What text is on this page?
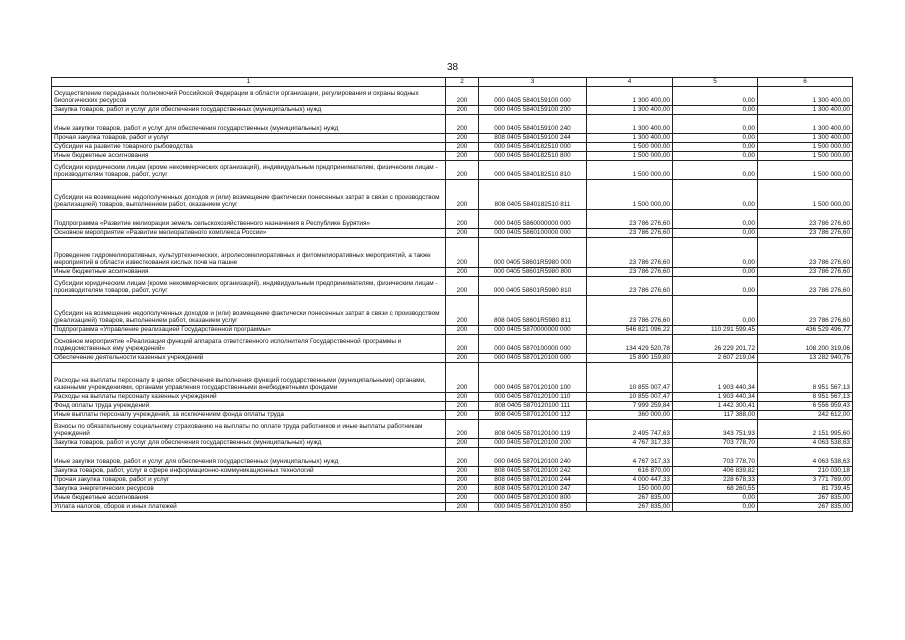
38
1	2	3	4	5	6
Осуществление переданных полномочий Российской Федерации в области организации, регулирования и охраны водных биологических ресурсов	200	000 0405 5840159100 000	1 300 400,00	0,00	1 300 400,00
Закупка товаров, работ и услуг для обеспечения государственных (муниципальных) нужд	200	000 0405 5840159100 200	1 300 400,00	0,00	1 300 400,00
Иные закупки товаров, работ и услуг для обеспечения государственных (муниципальных) нужд	200	000 0405 5840159100 240	1 300 400,00	0,00	1 300 400,00
Прочая закупка товаров, работ и услуг	200	808 0405 5840159100 244	1 300 400,00	0,00	1 300 400,00
Субсидии на развитие товарного рыбоводства	200	000 0405 5840182510 000	1 500 000,00	0,00	1 500 000,00
Иные бюджетные ассигнования	200	000 0405 5840182510 800	1 500 000,00	0,00	1 500 000,00
Субсидии юридическим лицам (кроме некоммерческих организаций), индивидуальным предпринимателям, физическим лицам - производителям товаров, работ, услуг	200	000 0405 5840182510 810	1 500 000,00	0,00	1 500 000,00
Субсидии на возмещение недополученных доходов и (или) возмещение фактически понесенных затрат в связи с производством (реализацией) товаров, выполнением работ, оказанием услуг	200	808 0405 5840182510 811	1 500 000,00	0,00	1 500 000,00
Подпрограмма «Развитие мелиорации земель сельскохозяйственного назначения в Республике Бурятия»	200	000 0405 5860000000 000	23 786 276,60	0,00	23 786 276,60
Основное мероприятие «Развитие мелиоративного комплекса России»	200	000 0405 5860100000 000	23 786 276,60	0,00	23 786 276,60
Проведение гидромелиоративных, культуртехнических, агролесомелиоративных и фитомелиоративных мероприятий, а также мероприятий в области известкования кислых почв на пашне	200	000 0405 58601R5980 000	23 786 276,60	0,00	23 786 276,60
Иные бюджетные ассигнования	200	000 0405 58601R5980 800	23 786 276,60	0,00	23 786 276,60
Субсидии юридическим лицам (кроме некоммерческих организаций), индивидуальным предпринимателям, физическим лицам - производителям товаров, работ, услуг	200	000 0405 58601R5980 810	23 786 276,60	0,00	23 786 276,60
Субсидии на возмещение недополученных доходов и (или) возмещение фактически понесенных затрат в связи с производством (реализацией) товаров, выполнением работ, оказанием услуг	200	808 0405 58601R5980 811	23 786 276,60	0,00	23 786 276,60
Подпрограмма «Управление реализацией Государственной программы»	200	000 0405 5870000000 000	546 821 096,22	110 291 599,45	436 529 496,77
Основное мероприятие «Реализация функций аппарата ответственного исполнителя Государственной программы и подведомственных ему учреждений»	200	000 0405 5870100000 000	134 429 520,78	26 229 201,72	108 200 319,06
Обеспечение деятельности казенных учреждений	200	000 0405 5870120100 000	15 890 159,80	2 607 219,04	13 282 940,76
Расходы на выплаты персоналу в целях обеспечения выполнения функций государственными (муниципальными) органами, казенными учреждениями, органами управления государственными внебюджетными фондами	200	000 0405 5870120100 100	10 855 007,47	1 903 440,34	8 951 567,13
Расходы на выплаты персоналу казенных учреждений	200	000 0405 5870120100 110	10 855 007,47	1 903 440,34	8 951 567,13
Фонд оплаты труда учреждений	200	808 0405 5870120100 111	7 999 259,84	1 442 300,41	6 556 959,43
Иные выплаты персоналу учреждений, за исключением фонда оплаты труда	200	808 0405 5870120100 112	360 000,00	117 388,00	242 612,00
Взносы по обязательному социальному страхованию на выплаты по оплате труда работников и иные выплаты работникам учреждений	200	808 0405 5870120100 119	2 495 747,63	343 751,93	2 151 995,60
Закупка товаров, работ и услуг для обеспечения государственных (муниципальных) нужд	200	000 0405 5870120100 200	4 767 317,33	703 778,70	4 063 538,63
Иные закупки товаров, работ и услуг для обеспечения государственных (муниципальных) нужд	200	000 0405 5870120100 240	4 767 317,33	703 778,70	4 063 538,63
Закупка товаров, работ, услуг в сфере информационно-коммуникационных технологий	200	808 0405 5870120100 242	616 870,00	406 839,82	210 030,18
Прочая закупка товаров, работ и услуг	200	808 0405 5870120100 244	4 000 447,33	228 678,33	3 771 769,00
Закупка энергетических ресурсов	200	808 0405 5870120100 247	150 000,00	68 260,55	81 739,45
Иные бюджетные ассигнования	200	000 0405 5870120100 800	267 835,00	0,00	267 835,00
Уплата налогов, сборов и иных платежей	200	000 0405 5870120100 850	267 835,00	0,00	267 835,00
